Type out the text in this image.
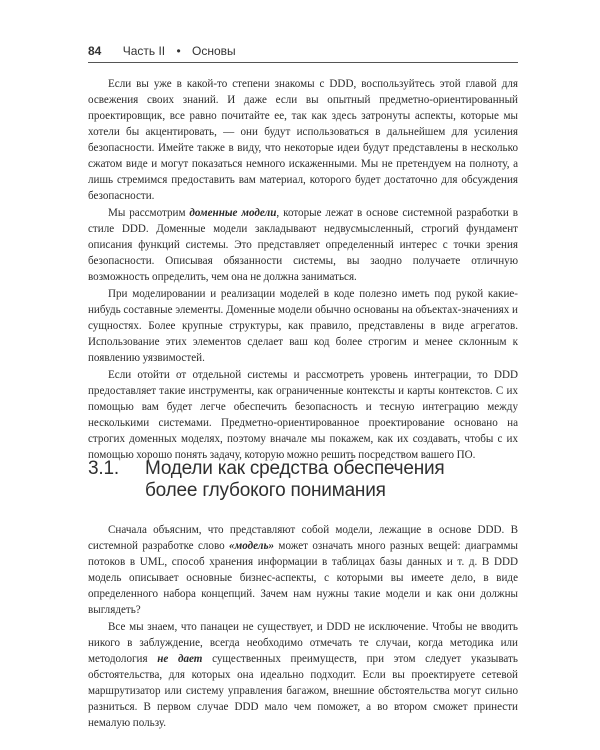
84 Часть II • Основы

Если вы уже в какой-то степени знакомы с DDD, воспользуйтесь этой главой для освежения своих знаний. И даже если вы опытный предметно-ориентированный проектировщик, все равно почитайте ее, так как здесь затронуты аспекты, которые мы хотели бы акцентировать, — они будут использоваться в дальнейшем для усиления безопасности. Имейте также в виду, что некоторые идеи будут представлены в несколько сжатом виде и могут показаться немного искаженными. Мы не претендуем на полноту, а лишь стремимся предоставить вам материал, которого будет достаточно для обсуждения безопасности.

Мы рассмотрим доменные модели, которые лежат в основе системной разработки в стиле DDD. Доменные модели закладывают недвусмысленный, строгий фундамент описания функций системы. Это представляет определенный интерес с точки зрения безопасности. Описывая обязанности системы, вы заодно получаете отличную возможность определить, чем она не должна заниматься.

При моделировании и реализации моделей в коде полезно иметь под рукой какие-нибудь составные элементы. Доменные модели обычно основаны на объектах-значениях и сущностях. Более крупные структуры, как правило, представлены в виде агрегатов. Использование этих элементов сделает ваш код более строгим и менее склонным к появлению уязвимостей.

Если отойти от отдельной системы и рассмотреть уровень интеграции, то DDD предоставляет такие инструменты, как ограниченные контексты и карты контекстов. С их помощью вам будет легче обеспечить безопасность и тесную интеграцию между несколькими системами. Предметно-ориентированное проектирование основано на строгих доменных моделях, поэтому вначале мы покажем, как их создавать, чтобы с их помощью хорошо понять задачу, которую можно решить посредством вашего ПО.

3.1.	Модели как средства обеспечения
более глубокого понимания

Сначала объясним, что представляют собой модели, лежащие в основе DDD. В системной разработке слово «модель» может означать много разных вещей: диаграммы потоков в UML, способ хранения информации в таблицах базы данных и т. д. В DDD модель описывает основные бизнес-аспекты, с которыми вы имеете дело, в виде определенного набора концепций. Зачем нам нужны такие модели и как они должны выглядеть?

Все мы знаем, что панацеи не существует, и DDD не исключение. Чтобы не вводить никого в заблуждение, всегда необходимо отмечать те случаи, когда методика или методология не дает существенных преимуществ, при этом следует указывать обстоятельства, для которых она идеально подходит. Если вы проектируете сетевой маршрутизатор или систему управления багажом, внешние обстоятельства могут сильно разниться. В первом случае DDD мало чем поможет, а во втором сможет принести немалую пользу.
